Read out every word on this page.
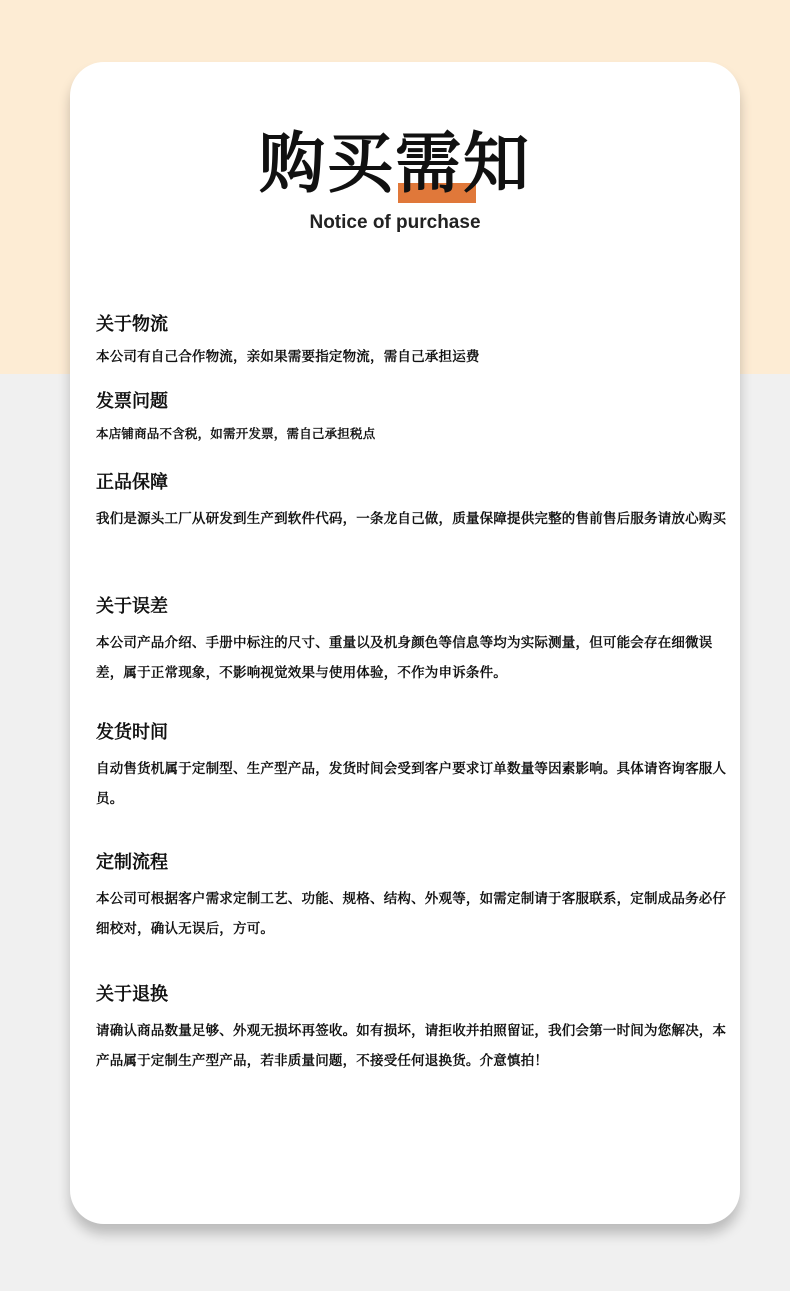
购买需知
Notice of purchase
关于物流
本公司有自己合作物流，亲如果需要指定物流，需自己承担运费
发票问题
本店铺商品不含税，如需开发票，需自己承担税点
正品保障
我们是源头工厂从研发到生产到软件代码，一条龙自己做，质量保障提供完整的售前售后服务请放心购买
关于误差
本公司产品介绍、手册中标注的尺寸、重量以及机身颜色等信息等均为实际测量，但可能会存在细微误差，属于正常现象，不影响视觉效果与使用体验，不作为申诉条件。
发货时间
自动售货机属于定制型、生产型产品，发货时间会受到客户要求订单数量等因素影响。具体请咨询客服人员。
定制流程
本公司可根据客户需求定制工艺、功能、规格、结构、外观等，如需定制请于客服联系，定制成品务必仔细校对，确认无误后，方可。
关于退换
请确认商品数量足够、外观无损坏再签收。如有损坏，请拒收并拍照留证，我们会第一时间为您解决，本产品属于定制生产型产品，若非质量问题，不接受任何退换货。介意慎拍！
